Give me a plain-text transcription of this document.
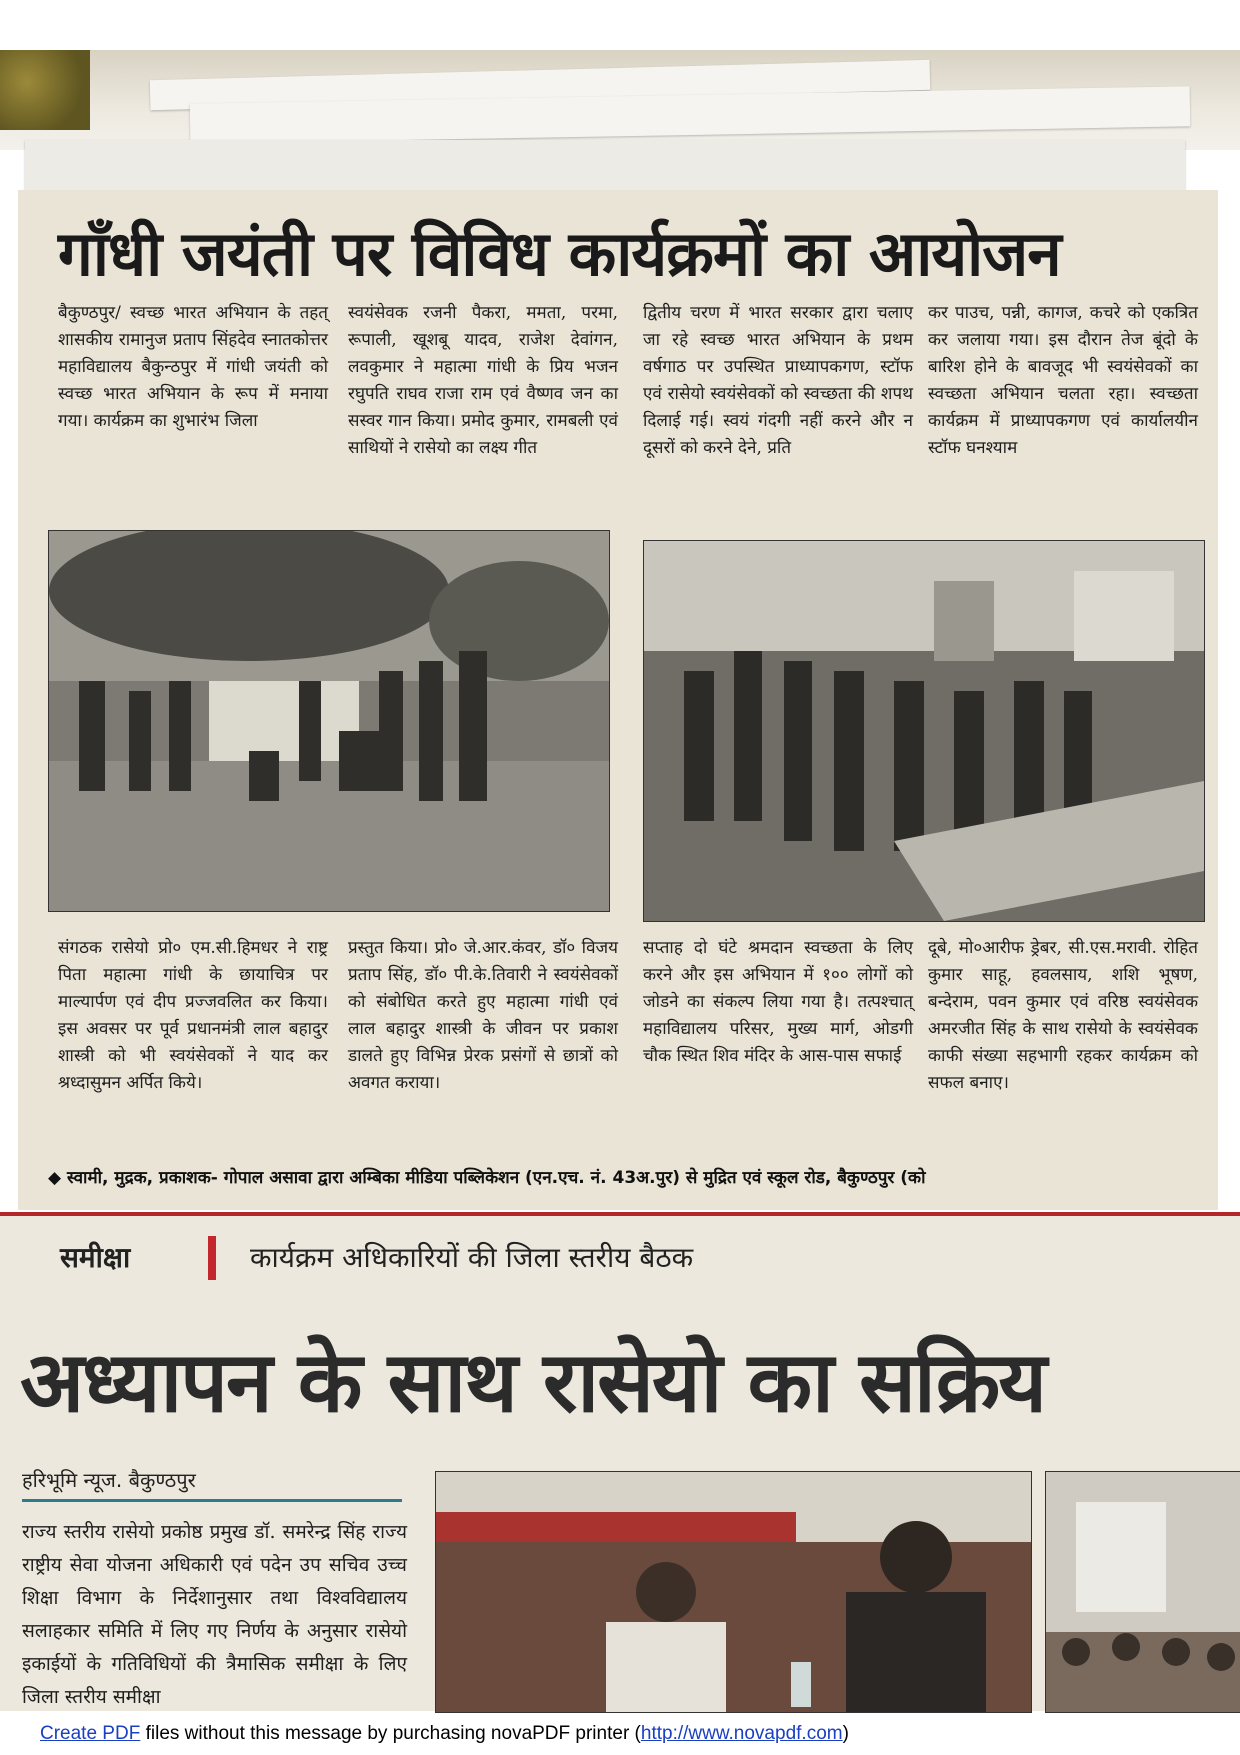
गाँधी जयंती पर विविध कार्यक्रमों का आयोजन
बैकुण्ठपुर/ स्वच्छ भारत अभियान के तहत् शासकीय रामानुज प्रताप सिंहदेव स्नातकोत्तर महाविद्यालय बैकुन्ठपुर में गांधी जयंती को स्वच्छ भारत अभियान के रूप में मनाया गया। कार्यक्रम का शुभारंभ जिला
स्वयंसेवक रजनी पैकरा, ममता, परमा, रूपाली, खूशबू यादव, राजेश देवांगन, लवकुमार ने महात्मा गांधी के प्रिय भजन रघुपति राघव राजा राम एवं वैष्णव जन का सस्वर गान किया। प्रमोद कुमार, रामबली एवं साथियों ने रासेयो का लक्ष्य गीत
द्वितीय चरण में भारत सरकार द्वारा चलाए जा रहे स्वच्छ भारत अभियान के प्रथम वर्षगाठ पर उपस्थित प्राध्यापकगण, स्टॉफ एवं रासेयो स्वयंसेवकों को स्वच्छता की शपथ दिलाई गई। स्वयं गंदगी नहीं करने और न दूसरों को करने देने, प्रति
कर पाउच, पन्नी, कागज, कचरे को एकत्रित कर जलाया गया। इस दौरान तेज बूंदो के बारिश होने के बावजूद भी स्वयंसेवकों का स्वच्छता अभियान चलता रहा। स्वच्छता कार्यक्रम में प्राध्यापकगण एवं कार्यालयीन स्टॉफ घनश्याम
संगठक रासेयो प्रो० एम.सी.हिमधर ने राष्ट्र पिता महात्मा गांधी के छायाचित्र पर माल्यार्पण एवं दीप प्रज्जवलित कर किया। इस अवसर पर पूर्व प्रधानमंत्री लाल बहादुर शास्त्री को भी स्वयंसेवकों ने याद कर श्रध्दासुमन अर्पित किये।
प्रस्तुत किया। प्रो० जे.आर.कंवर, डॉ० विजय प्रताप सिंह, डॉ० पी.के.तिवारी ने स्वयंसेवकों को संबोधित करते हुए महात्मा गांधी एवं लाल बहादुर शास्त्री के जीवन पर प्रकाश डालते हुए विभिन्न प्रेरक प्रसंगों से छात्रों को अवगत कराया।
सप्ताह दो घंटे श्रमदान स्वच्छता के लिए करने और इस अभियान में १०० लोगों को जोडने का संकल्प लिया गया है। तत्पश्चात् महाविद्यालय परिसर, मुख्य मार्ग, ओडगी चौक स्थित शिव मंदिर के आस-पास सफाई
दूबे, मो०आरीफ ड्रेबर, सी.एस.मरावी. रोहित कुमार साहू, हवलसाय, शशि भूषण, बन्देराम, पवन कुमार एवं वरिष्ठ स्वयंसेवक अमरजीत सिंह के साथ रासेयो के स्वयंसेवक काफी संख्या सहभागी रहकर कार्यक्रम को सफल बनाए।
◆ स्वामी, मुद्रक, प्रकाशक- गोपाल असावा द्वारा अम्बिका मीडिया पब्लिकेशन (एन.एच. नं. 43अ.पुर) से मुद्रित एवं स्कूल रोड, बैकुण्ठपुर (को
समीक्षा	कार्यक्रम अधिकारियों की जिला स्तरीय बैठक
अध्यापन के साथ रासेयो का सक्रिय
हरिभूमि न्यूज. बैकुण्ठपुर
राज्य स्तरीय रासेयो प्रकोष्ठ प्रमुख डॉ. समरेन्द्र सिंह राज्य राष्ट्रीय सेवा योजना अधिकारी एवं पदेन उप सचिव उच्च शिक्षा विभाग के निर्देशानुसार तथा विश्वविद्यालय सलाहकार समिति में लिए गए निर्णय के अनुसार रासेयो इकाईयों के गतिविधियों की त्रैमासिक समीक्षा के लिए जिला स्तरीय समीक्षा
Create PDF files without this message by purchasing novaPDF printer (http://www.novapdf.com)
